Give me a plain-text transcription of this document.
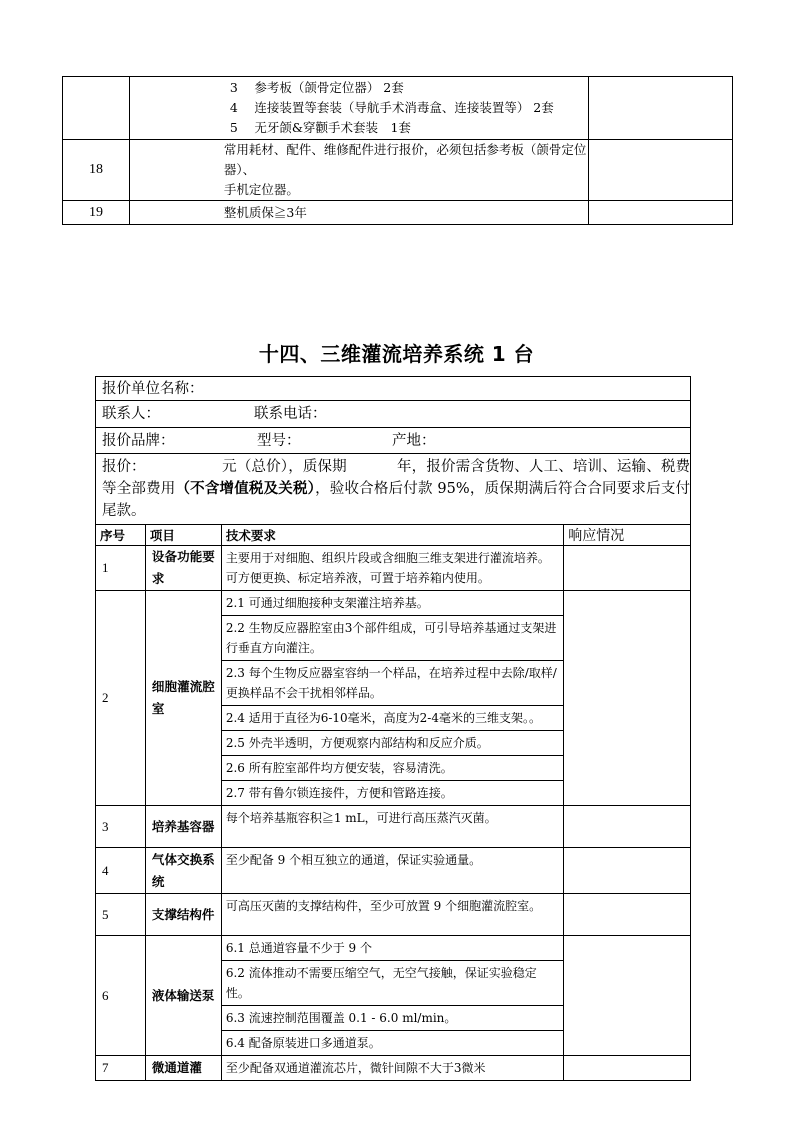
	3　 参考板（颌骨定位器） 2套
4　 连接装置等套装（导航手术消毒盒、连接装置等） 2套
5　 无牙颌&穿颧手术套装　1套	

18	常用耗材、配件、维修配件进行报价，必须包括参考板（颌骨定位器）、
手机定位器。	

19	整机质保≧3年	

十四、三维灌流培养系统 1 台
报价单位名称：			
联系人： 联系电话：			
报价品牌： 型号： 产地：			
报价： 元（总价），质保期 年，报价需含货物、人工、培训、运输、税费等全部费用（不含增值税及关税），验收合格后付款 95%，质保期满后符合合同要求后支付尾款。			
序号	项目	技术要求	响应情况
1	设备功能要求	主要用于对细胞、组织片段或含细胞三维支架进行灌流培养。可方便更换、标定培养液，可置于培养箱内使用。	
2	细胞灌流腔室	2.1 可通过细胞接种支架灌注培养基。	
		2.2 生物反应器腔室由3个部件组成，可引导培养基通过支架进行垂直方向灌注。	
		2.3 每个生物反应器室容纳一个样品，在培养过程中去除/取样/更换样品不会干扰相邻样品。	
		2.4 适用于直径为6-10毫米，高度为2-4毫米的三维支架。。	
		2.5 外壳半透明，方便观察内部结构和反应介质。	
		2.6 所有腔室部件均方便安装，容易清洗。	
		2.7 带有鲁尔锁连接件，方便和管路连接。	
3	培养基容器	每个培养基瓶容积≧1 mL，可进行高压蒸汽灭菌。	
4	气体交换系统	至少配备 9 个相互独立的通道，保证实验通量。	
5	支撑结构件	可高压灭菌的支撑结构件，至少可放置 9 个细胞灌流腔室。	
6	液体输送泵	6.1 总通道容量不少于 9 个	
		6.2 流体推动不需要压缩空气，无空气接触，保证实验稳定性。	
		6.3 流速控制范围覆盖 0.1 - 6.0 ml/min。	
		6.4 配备原装进口多通道泵。	
7	微通道灌	至少配备双通道灌流芯片，微针间隙不大于3微米	
